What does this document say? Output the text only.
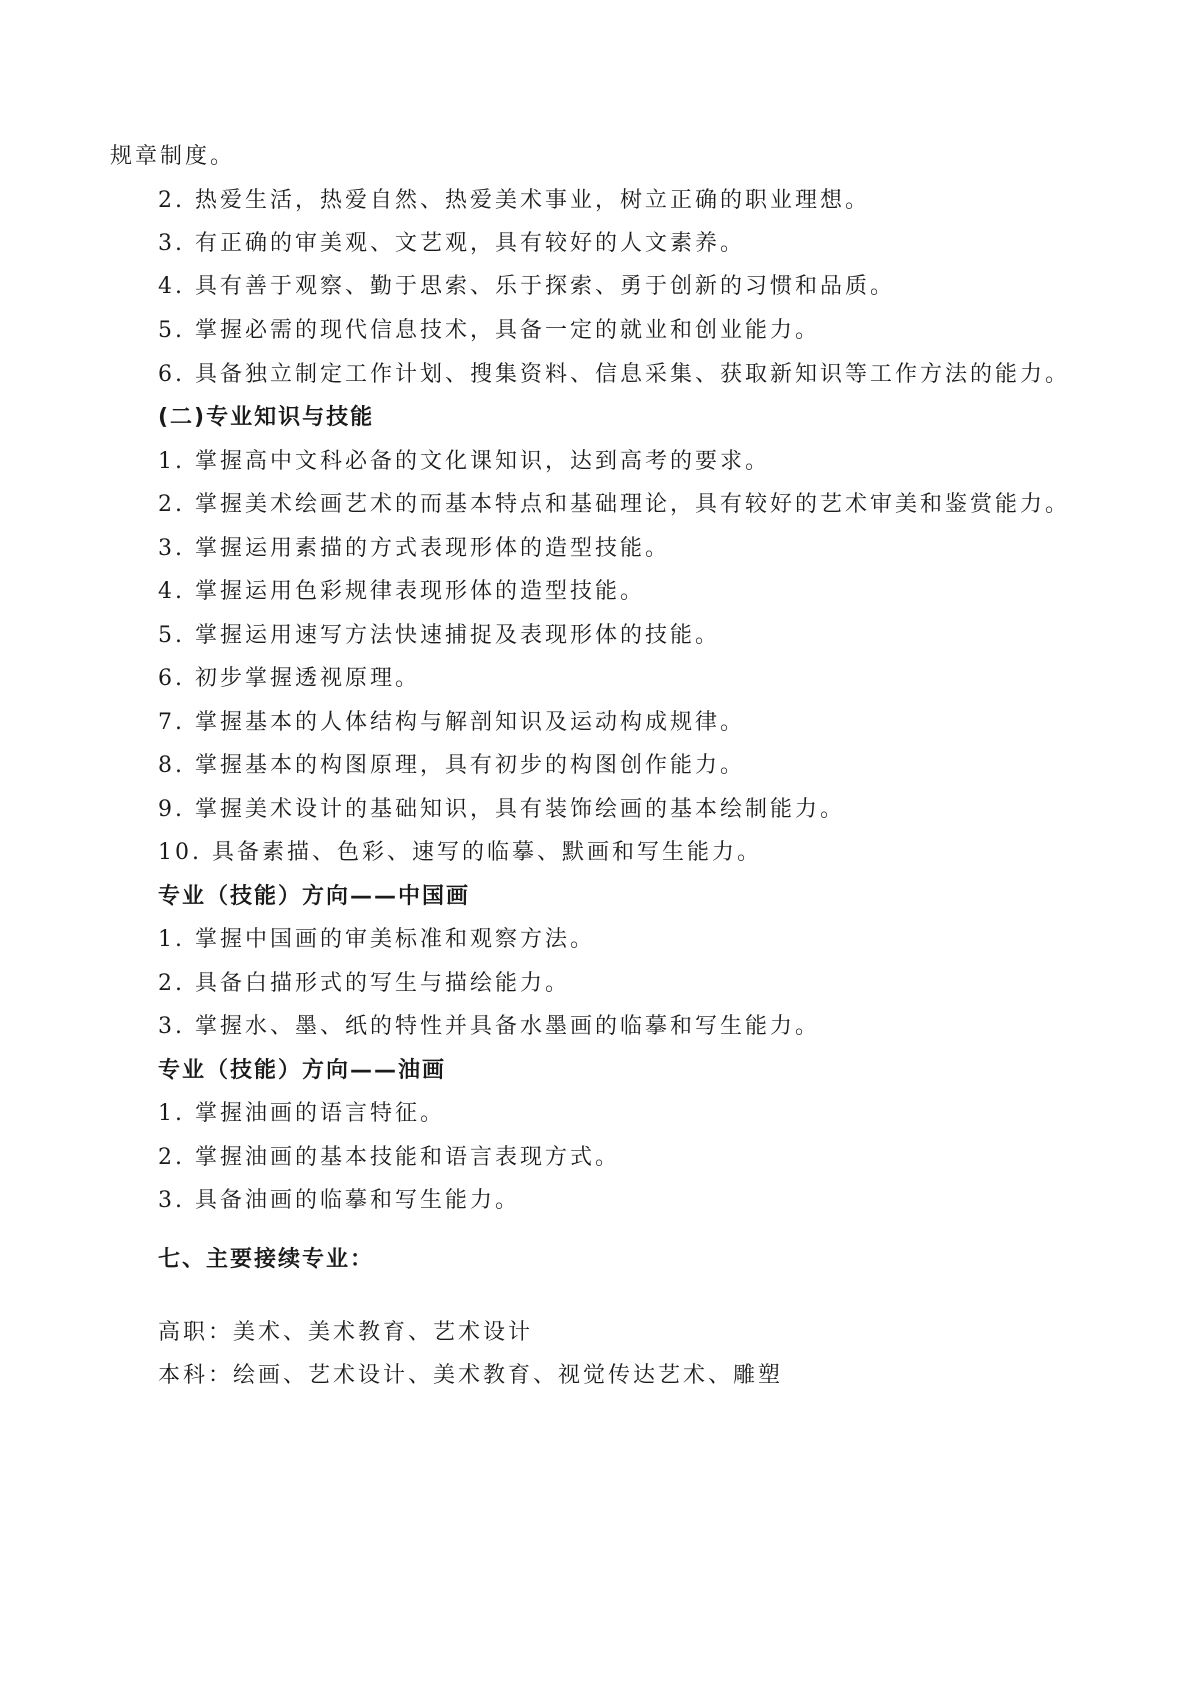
规章制度。
2. 热爱生活，热爱自然、热爱美术事业，树立正确的职业理想。
3. 有正确的审美观、文艺观，具有较好的人文素养。
4. 具有善于观察、勤于思索、乐于探索、勇于创新的习惯和品质。
5. 掌握必需的现代信息技术，具备一定的就业和创业能力。
6. 具备独立制定工作计划、搜集资料、信息采集、获取新知识等工作方法的能力。
(二)专业知识与技能
1. 掌握高中文科必备的文化课知识，达到高考的要求。
2. 掌握美术绘画艺术的而基本特点和基础理论，具有较好的艺术审美和鉴赏能力。
3. 掌握运用素描的方式表现形体的造型技能。
4. 掌握运用色彩规律表现形体的造型技能。
5. 掌握运用速写方法快速捕捉及表现形体的技能。
6. 初步掌握透视原理。
7. 掌握基本的人体结构与解剖知识及运动构成规律。
8. 掌握基本的构图原理，具有初步的构图创作能力。
9. 掌握美术设计的基础知识，具有装饰绘画的基本绘制能力。
10. 具备素描、色彩、速写的临摹、默画和写生能力。
专业（技能）方向——中国画
1. 掌握中国画的审美标准和观察方法。
2. 具备白描形式的写生与描绘能力。
3. 掌握水、墨、纸的特性并具备水墨画的临摹和写生能力。
专业（技能）方向——油画
1. 掌握油画的语言特征。
2. 掌握油画的基本技能和语言表现方式。
3. 具备油画的临摹和写生能力。
七、主要接续专业：
高职：美术、美术教育、艺术设计
本科：绘画、艺术设计、美术教育、视觉传达艺术、雕塑
